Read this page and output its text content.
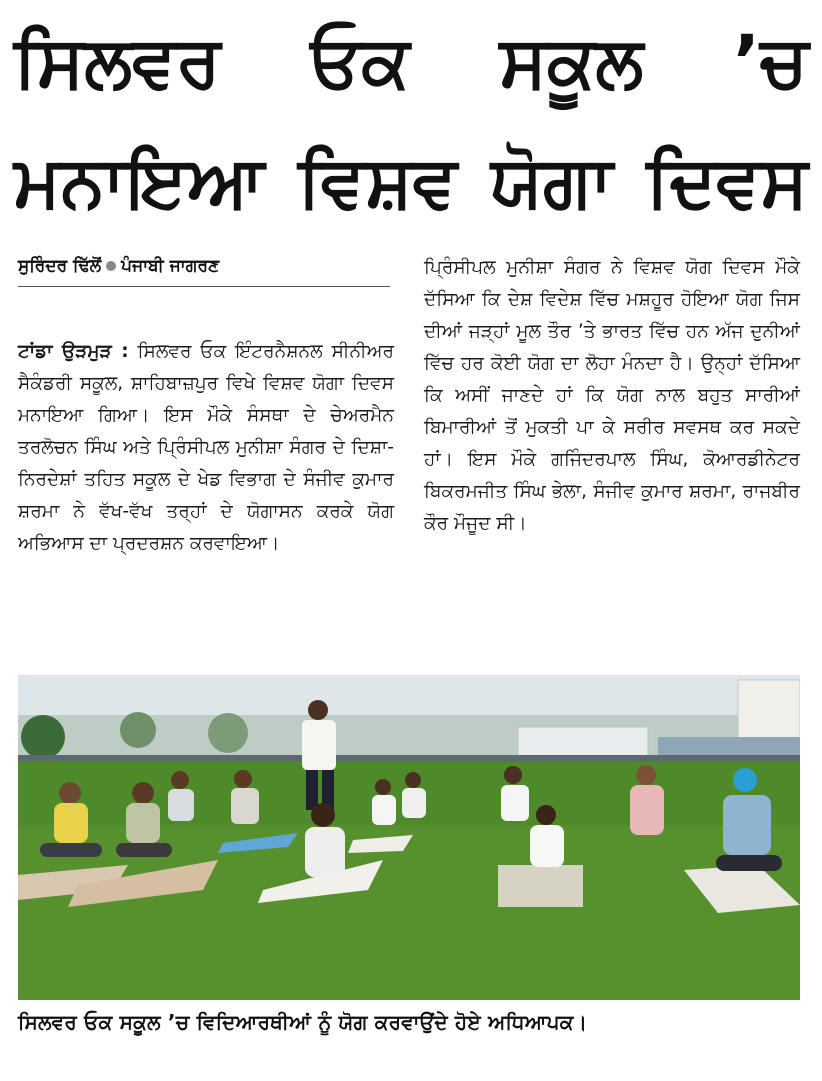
ਸਿਲਵਰ ਓਕ ਸਕੂਲ ’ਚ
ਮਨਾਇਆ ਵਿਸ਼ਵ ਯੋਗਾ ਦਿਵਸ
ਸੁਰਿੰਦਰ ਢਿੱਲੋਂ ਪੰਜਾਬੀ ਜਾਗਰਣ

ਟਾਂਡਾ ਉੜਮੁੜ : ਸਿਲਵਰ ਓਕ ਇੰਟਰਨੈਸ਼ਨਲ ਸੀਨੀਅਰ ਸੈਕੰਡਰੀ ਸਕੂਲ, ਸ਼ਾਹਿਬਾਜ਼ਪੁਰ ਵਿਖੇ ਵਿਸ਼ਵ ਯੋਗਾ ਦਿਵਸ ਮਨਾਇਆ ਗਿਆ। ਇਸ ਮੌਕੇ ਸੰਸਥਾ ਦੇ ਚੇਅਰਮੈਨ ਤਰਲੋਚਨ ਸਿੰਘ ਅਤੇ ਪ੍ਰਿੰਸੀਪਲ ਮੁਨੀਸ਼ਾ ਸੰਗਰ ਦੇ ਦਿਸ਼ਾ-ਨਿਰਦੇਸ਼ਾਂ ਤਹਿਤ ਸਕੂਲ ਦੇ ਖੇਡ ਵਿਭਾਗ ਦੇ ਸੰਜੀਵ ਕੁਮਾਰ ਸ਼ਰਮਾ ਨੇ ਵੱਖ-ਵੱਖ ਤਰ੍ਹਾਂ ਦੇ ਯੋਗਾਸਨ ਕਰਕੇ ਯੋਗ ਅਭਿਆਸ ਦਾ ਪ੍ਰਦਰਸ਼ਨ ਕਰਵਾਇਆ।

ਪ੍ਰਿੰਸੀਪਲ ਮੁਨੀਸ਼ਾ ਸੰਗਰ ਨੇ ਵਿਸ਼ਵ ਯੋਗ ਦਿਵਸ ਮੌਕੇ ਦੱਸਿਆ ਕਿ ਦੇਸ਼ ਵਿਦੇਸ਼ ਵਿੱਚ ਮਸ਼ਹੂਰ ਹੋਇਆ ਯੋਗ ਜਿਸ ਦੀਆਂ ਜੜ੍ਹਾਂ ਮੂਲ ਤੌਰ ’ਤੇ ਭਾਰਤ ਵਿੱਚ ਹਨ ਅੱਜ ਦੁਨੀਆਂ ਵਿੱਚ ਹਰ ਕੋਈ ਯੋਗ ਦਾ ਲੋਹਾ ਮੰਨਦਾ ਹੈ। ਉਨ੍ਹਾਂ ਦੱਸਿਆ ਕਿ ਅਸੀਂ ਜਾਣਦੇ ਹਾਂ ਕਿ ਯੋਗ ਨਾਲ ਬਹੁਤ ਸਾਰੀਆਂ ਬਿਮਾਰੀਆਂ ਤੋਂ ਮੁਕਤੀ ਪਾ ਕੇ ਸਰੀਰ ਸਵਸਥ ਕਰ ਸਕਦੇ ਹਾਂ। ਇਸ ਮੌਕੇ ਗਜਿੰਦਰਪਾਲ ਸਿੰਘ, ਕੋਆਰਡੀਨੇਟਰ ਬਿਕਰਮਜੀਤ ਸਿੰਘ ਭੇਲਾ, ਸੰਜੀਵ ਕੁਮਾਰ ਸ਼ਰਮਾ, ਰਾਜਬੀਰ ਕੌਰ ਮੌਜੂਦ ਸੀ।

ਸਿਲਵਰ ਓਕ ਸਕੂਲ ’ਚ ਵਿਦਿਆਰਥੀਆਂ ਨੂੰ ਯੋਗ ਕਰਵਾਉਂਦੇ ਹੋਏ ਅਧਿਆਪਕ।
